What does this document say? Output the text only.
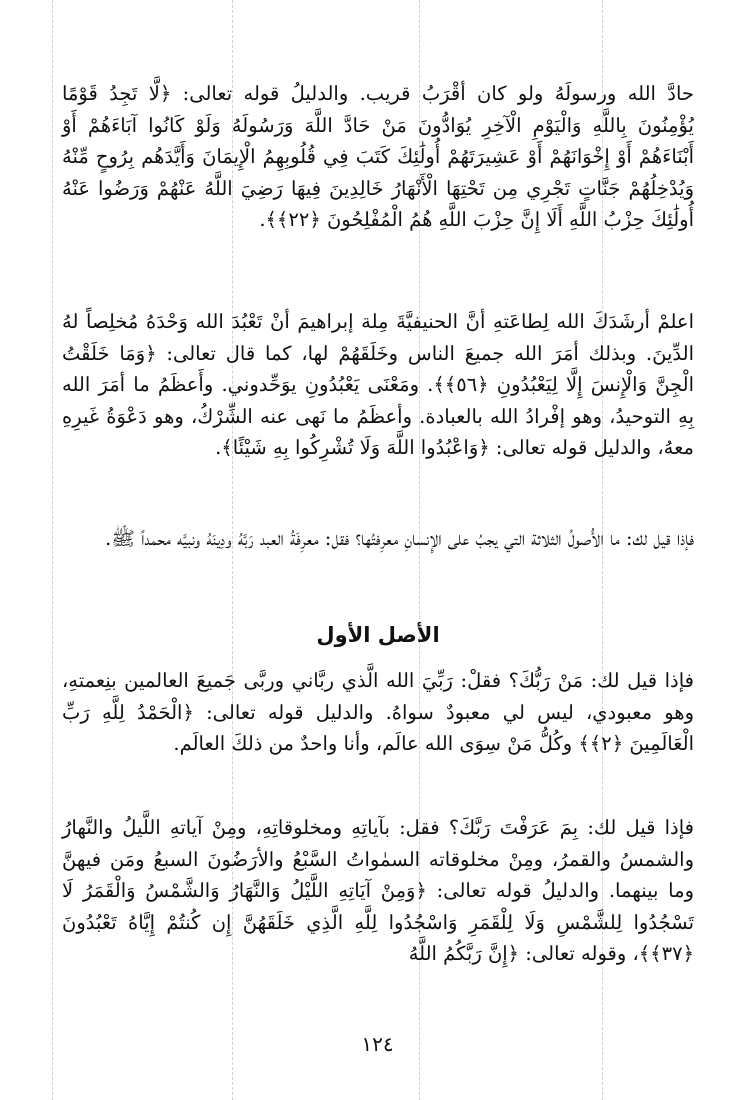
حادَّ الله ورسولَهُ ولو كان أقْرَبُ قريب. والدليلُ قوله تعالى: ﴿لَّا تَجِدُ قَوْمًا يُؤْمِنُونَ بِاللَّهِ وَالْيَوْمِ الْآخِرِ يُوَادُّونَ مَنْ حَادَّ اللَّهَ وَرَسُولَهُ وَلَوْ كَانُوا آبَاءَهُمْ أَوْ أَبْنَاءَهُمْ أَوْ إِخْوَانَهُمْ أَوْ عَشِيرَتَهُمْ أُولَٰئِكَ كَتَبَ فِي قُلُوبِهِمُ الْإِيمَانَ وَأَيَّدَهُم بِرُوحٍ مِّنْهُ وَيُدْخِلُهُمْ جَنَّاتٍ تَجْرِي مِن تَحْتِهَا الْأَنْهَارُ خَالِدِينَ فِيهَا رَضِيَ اللَّهُ عَنْهُمْ وَرَضُوا عَنْهُ أُولَٰئِكَ حِزْبُ اللَّهِ أَلَا إِنَّ حِزْبَ اللَّهِ هُمُ الْمُفْلِحُونَ ﴿٢٢﴾﴾.

اعلمْ أرشَدَكَ الله لِطاعَتهِ أنَّ الحنيفيَّةَ مِلة إبراهيمَ أنْ تَعْبُدَ الله وَحْدَهُ مُخلِصاً لهُ الدِّينَ. وبذلك أمَرَ الله جميعَ الناس وخَلَقَهُمْ لها، كما قال تعالى: ﴿وَمَا خَلَقْتُ الْجِنَّ وَالْإِنسَ إِلَّا لِيَعْبُدُونِ ﴿٥٦﴾﴾. ومَعْنَى يَعْبُدُونِ يوَحِّدوني. وأَعظَمُ ما أمَرَ الله بِهِ التوحيدُ، وهو إفْرادُ الله بالعبادة. وأعظَمُ ما نَهى عنه الشِّرْكُ، وهو دَعْوَةُ غَيرِهِ معهُ، والدليل قوله تعالى: ﴿وَاعْبُدُوا اللَّهَ وَلَا تُشْرِكُوا بِهِ شَيْئًا﴾.

فإذا قيل لك: ما الأُصولُ الثلاثة التي يجبُ على الإِنسانِ معرِفتُها؟ فقل: معرِفَةُ العبد رَبَّهُ ودِينَهُ ونبيَّه محمداً ﷺ.

الأصل الأول

فإذا قيل لك: مَنْ رَبُّكَ؟ فقلْ: رَبِّيَ الله الَّذي ربَّاني وربَّى جَميعَ العالمين بنِعمتهِ، وهو معبودي، ليس لي معبودٌ سواهُ. والدليل قوله تعالى: ﴿الْحَمْدُ لِلَّهِ رَبِّ الْعَالَمِينَ ﴿٢﴾﴾ وكُلُّ مَنْ سِوَى الله عالَم، وأنا واحدٌ من ذلكَ العالَم.

فإذا قيل لك: بِمَ عَرَفْتَ رَبَّكَ؟ فقل: بآياتِهِ ومخلوقاتِهِ، ومِنْ آياتهِ اللَّيلُ والنَّهارُ والشمسُ والقمرُ، ومِنْ مخلوقاته السمٰواتُ السَّبْعُ والأرَضُونَ السبعُ ومَن فيهنَّ وما بينهما. والدليلُ قوله تعالى: ﴿وَمِنْ آيَاتِهِ اللَّيْلُ وَالنَّهَارُ وَالشَّمْسُ وَالْقَمَرُ لَا تَسْجُدُوا لِلشَّمْسِ وَلَا لِلْقَمَرِ وَاسْجُدُوا لِلَّهِ الَّذِي خَلَقَهُنَّ إِن كُنتُمْ إِيَّاهُ تَعْبُدُونَ ﴿٣٧﴾﴾، وقوله تعالى: ﴿إِنَّ رَبَّكُمُ اللَّهُ

١٢٤
